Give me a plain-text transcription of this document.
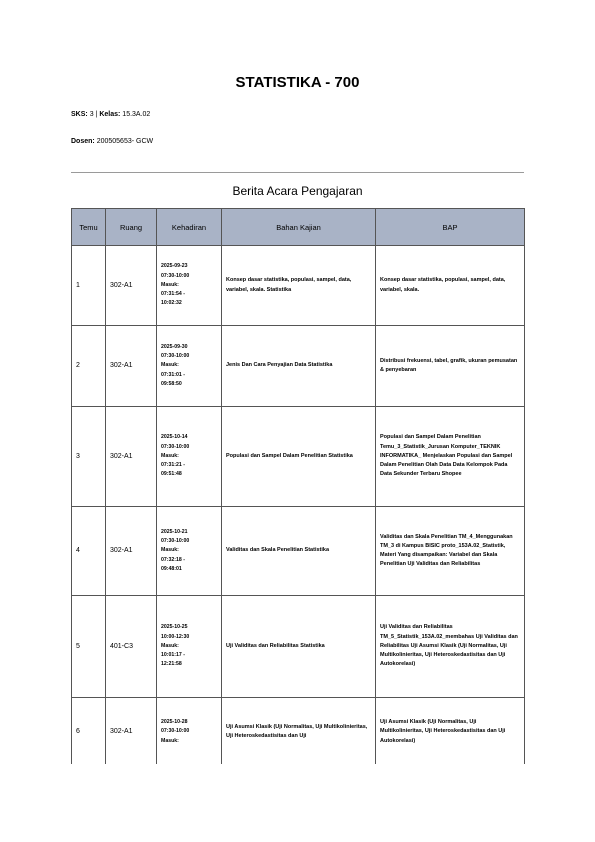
STATISTIKA - 700
SKS: 3 | Kelas: 15.3A.02
Dosen: 200505653- GCW
Berita Acara Pengajaran
Temu	Ruang	Kehadiran	Bahan Kajian	BAP
1	302-A1	2025-09-23
07:30-10:00
Masuk:
07:31:54 -
10:02:32	Konsep dasar statistika, populasi, sampel, data, variabel, skala. Statistika	Konsep dasar statistika, populasi, sampel, data, variabel, skala.
2	302-A1	2025-09-30
07:30-10:00
Masuk:
07:31:01 -
09:58:50	Jenis Dan Cara Penyajian Data Statistika	Distribusi frekuensi, tabel, grafik, ukuran pemusatan & penyebaran
3	302-A1	2025-10-14
07:30-10:00
Masuk:
07:31:21 -
09:51:48	Populasi dan Sampel Dalam Penelitian Statistika	Populasi dan Sampel Dalam Penelitian Temu_3_Statistik_Jurusan Komputer_TEKNIK INFORMATIKA_ Menjelaskan Populasi dan Sampel Dalam Penelitian Olah Data Data Kelompok Pada Data Sekunder Terbaru Shopee
4	302-A1	2025-10-21
07:30-10:00
Masuk:
07:32:18 -
09:48:01	Validitas dan Skala Penelitian Statistika	Validitas dan Skala Penelitian TM_4_Menggunakan TM_3 di Kampus BISIC proto_153A.02_Statistik, Materi Yang disampaikan: Variabel dan Skala Penelitian Uji Validitas dan Reliabilitas
5	401-C3	2025-10-25
10:00-12:30
Masuk:
10:01:17 -
12:21:58	Uji Validitas dan Reliabilitas Statistika	Uji Validitas dan Reliabilitas TM_5_Statistik_153A.02_membahas Uji Validitas dan Reliabilitas Uji Asumsi Klasik (Uji Normalitas, Uji Multikolinieritas, Uji Heteroskedastisitas dan Uji Autokorelasi)
6	302-A1	2025-10-28
07:30-10:00
Masuk:	Uji Asumsi Klasik (Uji Normalitas, Uji Multikolinieritas, Uji Heteroskedastisitas dan Uji	Uji Asumsi Klasik (Uji Normalitas, Uji Multikolinieritas, Uji Heteroskedastisitas dan Uji Autokorelasi)
